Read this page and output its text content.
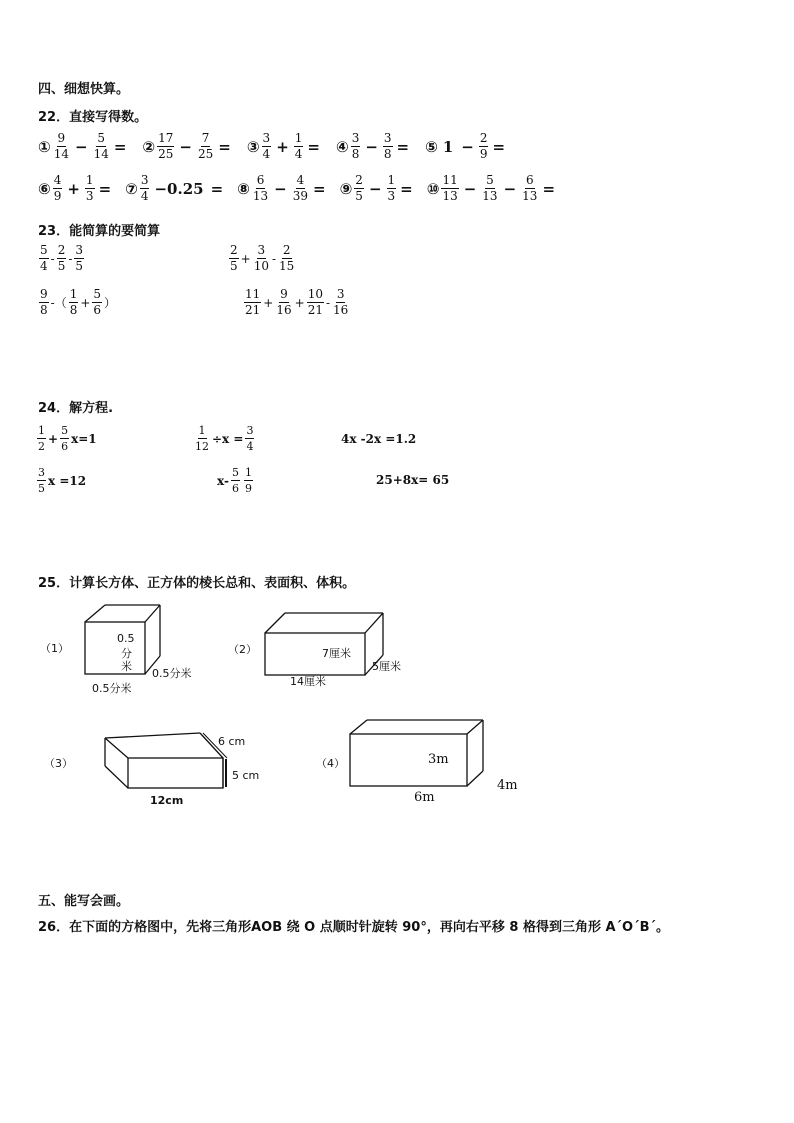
四、细想快算。
22．直接写得数。
① $\frac{9}{14} - \frac{5}{14}$ = ② $\frac{17}{25} - \frac{7}{25}$ = ③ $\frac{3}{4} + \frac{1}{4}$ = ④ $\frac{3}{8} - \frac{3}{8}$ = ⑤ $1 - \frac{2}{9}$ =
⑥ $\frac{4}{9} + \frac{1}{3}$ = ⑦ $\frac{3}{4} -0.25$ = ⑧ $\frac{6}{13} - \frac{4}{39}$ = ⑨ $\frac{2}{5} - \frac{1}{3}$ = ⑩ $\frac{11}{13} - \frac{5}{13} - \frac{6}{13}$ =
23．能简算的要简算
$\frac{5}{4} - \frac{2}{5} - \frac{3}{5}$	$\frac{2}{5} + \frac{3}{10} - \frac{2}{15}$
$\frac{9}{8}$ -（ $\frac{1}{8} + \frac{5}{6}$ ）	$\frac{11}{21} + \frac{9}{16} + \frac{10}{21} - \frac{3}{16}$
24．解方程.
$\frac{1}{2} + \frac{5}{6} x=1$	$\frac{1}{12} \div x = \frac{3}{4}$	4x -2x =1.2
$\frac{3}{5}$ x =12	$x- \frac{5}{6} \frac{1}{9}$	25+8x= 65
25．计算长方体、正方体的棱长总和、表面积、体积。
（1）
0.5
分
米
0.5分米
0.5分米
（2）	7厘米
5厘米
14厘米
（3）
6 cm
5 cm
12cm
（4）	3m
4m
6m
五、能写会画。
26．在下面的方格图中，先将三角形AOB 绕 O 点顺时针旋转 90°，再向右平移 8 格得到三角形 A´O´B´。
